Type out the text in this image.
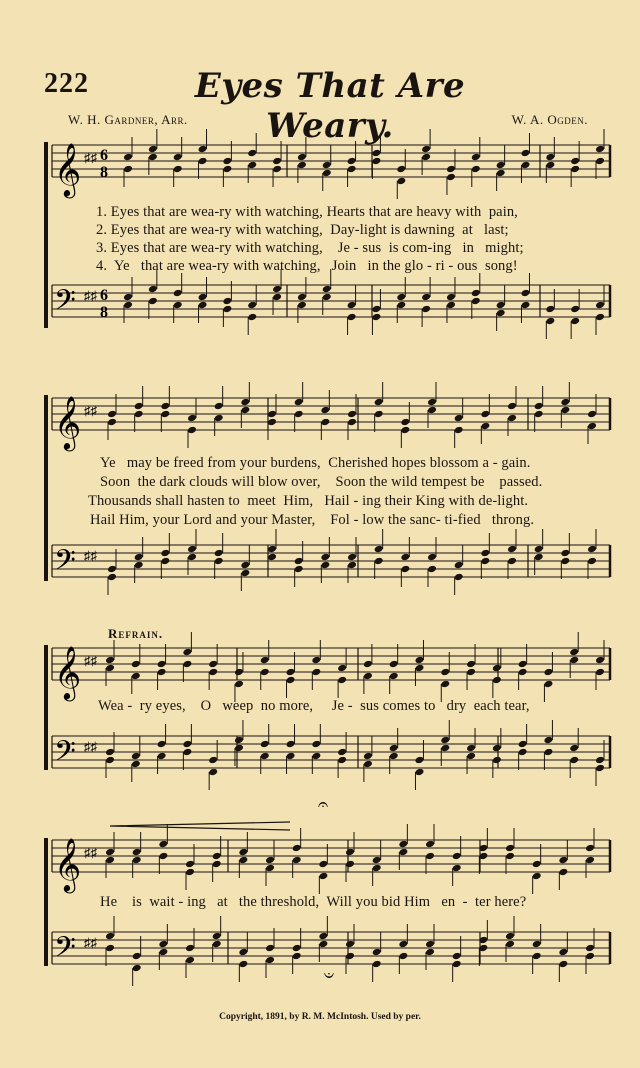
222	Eyes That Are Weary.
W. H. Gardner, Arr.	W. A. Ogden.
𝄞
𝄢
♯♯
♯♯
6
8
6
8
𝄞
𝄢
♯♯
♯♯
𝄞
𝄢
♯♯
♯♯
𝄞
𝄢
♯♯
♯♯
𝄐
𝄐
1. Eyes that are wea-ry with watching, Hearts that are heavy with  pain,
2. Eyes that are wea-ry with watching,  Day-light is dawning  at   last;
3. Eyes that are wea-ry with watching,    Je - sus  is com-ing   in   might;
4.  Ye   that are wea-ry with watching,   Join   in the glo - ri - ous  song!
Ye   may be freed from your burdens,  Cherished hopes blossom a - gain.
Soon  the dark clouds will blow over,    Soon the wild tempest be    passed.
Thousands shall hasten to  meet  Him,   Hail - ing their King with de-light.
Hail Him, your Lord and your Master,    Fol - low the sanc- ti-fied   throng.
Refrain.
Wea -  ry eyes,    O   weep  no more,     Je -  sus comes to   dry  each tear,
He    is  wait - ing   at   the threshold,  Will you bid Him   en  -  ter here?
Copyright, 1891, by R. M. McIntosh. Used by per.
